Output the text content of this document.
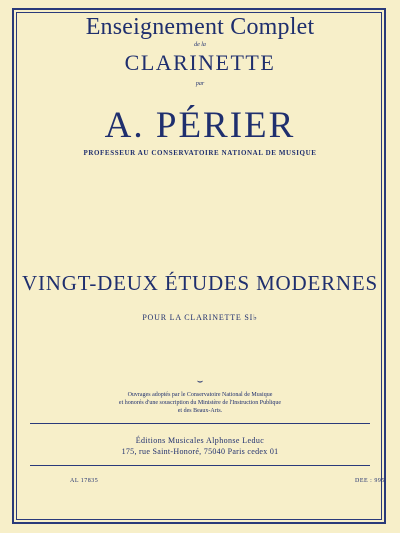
Enseignement Complet
de la
CLARINETTE
par
A. PÉRIER
PROFESSEUR AU CONSERVATOIRE NATIONAL DE MUSIQUE
VINGT-DEUX ÉTUDES MODERNES
POUR LA CLARINETTE SI♭
⌣
Ouvrages adoptés par le Conservatoire National de Musique
et honorés d'une souscription du Ministère de l'Instruction Publique
et des Beaux-Arts.
Éditions Musicales Alphonse Leduc
175, rue Saint-Honoré, 75040 Paris cedex 01
AL 17835	DEE : 995
